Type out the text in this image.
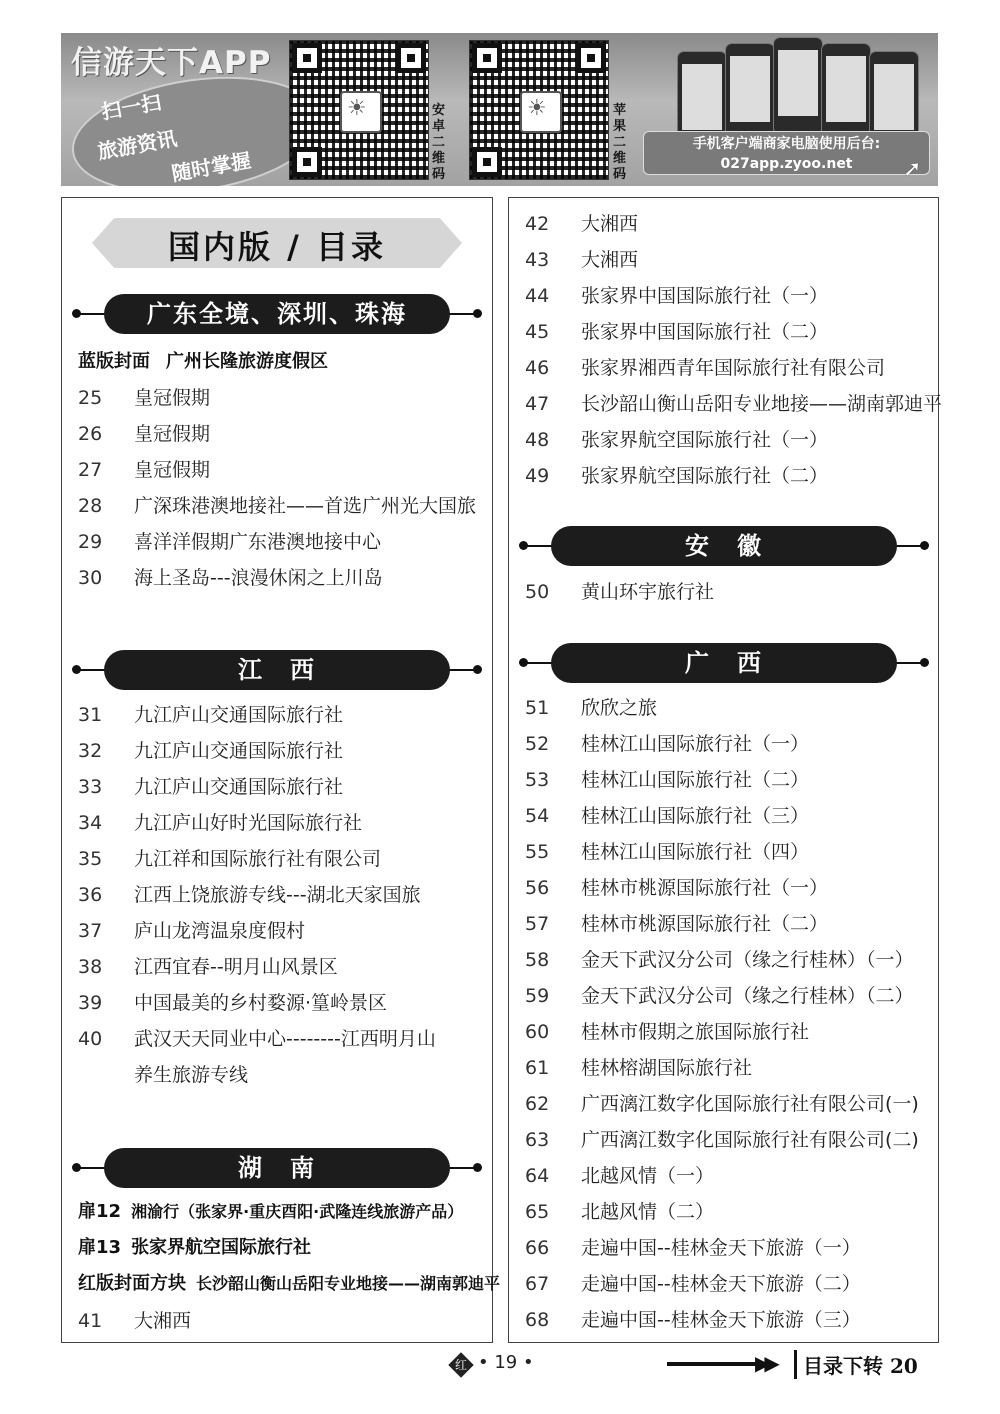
信游天下APP
扫一扫
旅游资讯
随时掌握
☀	安卓二维码
☀	苹果二维码
手机客户端商家电脑使用后台:
027app.zyoo.net	➚
国内版 / 目录
广东全境、深圳、珠海
蓝版封面 广州长隆旅游度假区
25 皇冠假期
26 皇冠假期
27 皇冠假期
28 广深珠港澳地接社——首选广州光大国旅
29 喜洋洋假期广东港澳地接中心
30 海上圣岛---浪漫休闲之上川岛
江　西
31 九江庐山交通国际旅行社
32 九江庐山交通国际旅行社
33 九江庐山交通国际旅行社
34 九江庐山好时光国际旅行社
35 九江祥和国际旅行社有限公司
36 江西上饶旅游专线---湖北天家国旅
37 庐山龙湾温泉度假村
38 江西宜春--明月山风景区
39 中国最美的乡村婺源·篁岭景区
40 武汉天天同业中心--------江西明月山
养生旅游专线
湖　南
扉12 湘渝行（张家界·重庆酉阳·武隆连线旅游产品）
扉13 张家界航空国际旅行社
红版封面方块 长沙韶山衡山岳阳专业地接——湖南郭迪平
41 大湘西
42 大湘西
43 大湘西
44 张家界中国国际旅行社（一）
45 张家界中国国际旅行社（二）
46 张家界湘西青年国际旅行社有限公司
47 长沙韶山衡山岳阳专业地接——湖南郭迪平
48 张家界航空国际旅行社（一）
49 张家界航空国际旅行社（二）
安　徽
50 黄山环宇旅行社
广　西
51 欣欣之旅
52 桂林江山国际旅行社（一）
53 桂林江山国际旅行社（二）
54 桂林江山国际旅行社（三）
55 桂林江山国际旅行社（四）
56 桂林市桃源国际旅行社（一）
57 桂林市桃源国际旅行社（二）
58 金天下武汉分公司（缘之行桂林）（一）
59 金天下武汉分公司（缘之行桂林）（二）
60 桂林市假期之旅国际旅行社
61 桂林榕湖国际旅行社
62 广西漓江数字化国际旅行社有限公司(一)
63 广西漓江数字化国际旅行社有限公司(二)
64 北越风情（一）
65 北越风情（二）
66 走遍中国--桂林金天下旅游（一）
67 走遍中国--桂林金天下旅游（二）
68 走遍中国--桂林金天下旅游（三）
红 • 19 •	▶▶	目录下转 20
